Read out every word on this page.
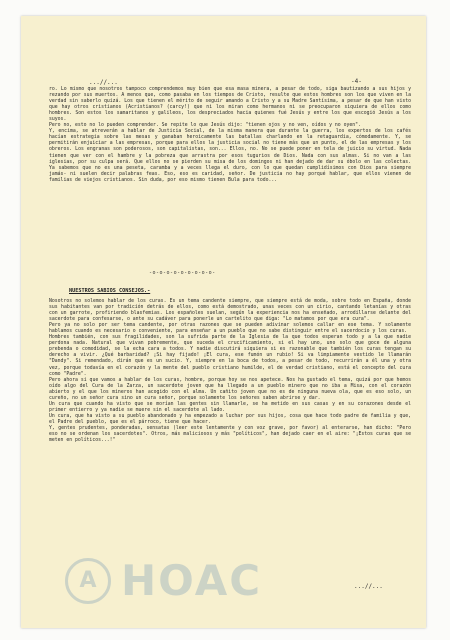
...//...	-4-
ro. Lo mismo que nosotros tampoco comprendemos muy bien que esa masa minera, a pesar de todo, siga bautizando a sus hijos y rezando por sus muertos. A menos que, como pasaba en los tiempos de Cristo, resulte que estos hombres son los que viven en la verdad sin saberlo quizá. Los que tienen el mérito de seguir amando a Cristo y a su Madre Santísima, a pesar de que han visto que hay otros cristianos (Acristianos? (carcy!) que ni los miran como hermanos ni se preocuparon siquiera de ellos como hombres. Son estos los samaritanos y galileos, los despreciados hacia quienes fué Jesús y entre los que escogió Jesús a los suyos.
Pero no, esto no lo pueden comprender. Se repite lo que Jesús dijo: "tienen ojos y no ven, oídos y no oyen".
Y, encima, se atreverán a hablar de Justicia Social, de la misma manera que durante la guerra, los expertos de los cafés hacían estrategia sobre las mesas y ganaban heroicamente las batallas charlando en la retaguardia, cómodamente. Y, se permitirán enjuiciar a las empresas, porque para ellos la justicia social no tiene más que un punto, el de las empresas y los obreros. Los engranas son poderosos, son capitalistas, son... Ellos, no. No se puede poner en tela de juicio su virtud. Nada tienen que ver con el hambre y la pobreza que arrastra por esos tugurios de Dios. Nada con sus almas. Si no van a las iglesias, por su culpa será. Que ellos no se pierden su misa de los domingos ni han dejado de dar su óbolo en las colectas. Ya sabemos que no es una peseta, caramba y a veces llega el duro, con lo que quedan cumplidísimos con Dios para siempre jamás- ni suelen decir palabras feas. Eso, eso es caridad, señor. De justicia no hay porqué hablar, que ellos vienen de familias de viejos cristianos. Sin duda, por eso mismo tienen Bula para todo...
-o-o-o-o-o-o-o-o-o-
NUESTROS SABIOS CONSEJOS.-
Nosotros no solemos hablar de los curas. Es un tema candente siempre, que siempre está de moda, sobre todo en España, donde sus habitantes van por tradición detrás de ellos, como está demostrado, unas veces con un cirio, cantando letanías y otras con un garrote, profiriendo blasfemias. Los españoles suelan, según la experiencia nos ha enseñado, arrodillarse delante del sacerdote para confesarse, o ante su cadáver para ponerle un cartelito que diga: "Lo matamos por que era cura".
Pero ya no solo por ser tema candente, por otras razones que se pueden adivinar solemos callar en ese tema. Y solamente hablamos cuando es necesario o conveniente, para enseñar a un pueblo que no sabe distinguir entre el sacerdocio y los curas.
Hombres también, con sus fragilidades, son la sufrida parte de la Iglesia de la que todos esperan todo y a la que nadie perdona nada. Natural que vivan pobremente, que suceda el crucificamiento, si el hay uno, uno solo que goce de alguna prebenda o comodidad, se la echa cara a todos. Y nadie discutirá siquiera si es razonable que también los curas tengan su derecho a vivir. ¿Qué barbaridad? ¡Si hay fijado! ¡El cura, ese fumón un rubio! Si va limpiamente vestido le llamarán "Dandy". Si remendado, dirán que es un sucio. Y, siempre en la boca de todos, a pesar de todo, recurrirán a él una y otra vez, porque todavía en el corazón y la mente del pueblo cristiano humilde, el de verdad cristiano, está el concepto del cura como "Padre".
Pero ahora si que vamos a hablar de los curas, hombre, porque hoy se nos apetece. Nos ha gustado el tema, quizá por que hemos oído algo del Cura de la Zarza, un sacerdote joven que ha llegado a un pueblo minero que no iba a Misa, con el corazón abierto y el que los mineros han acogido con el alma. Un cañito joven que no es de ninguna nueva ola, que es eso solo, un cureño, no un señor cura sino un cura señor, porque solamente los señores saben abrirse y dar.
Un cura que cuando ha visto que se morían las gentes sin llamarle, se ha metido en sus casas y en su corazones desde el primer entierro y ya nadie se muere sin el sacerdote al lado.
Un cura, que ha visto a su pueblo abandonado y ha empezado a luchar por sus hijos, cosa que hace todo padre de familia y que, el Padre del pueblo, que es el párroco, tiene que hacer.
Y, gentes prudentes, ponderadas, sensatas (leer este lentamente y con voz grave, por favor) al enterarse, han dicho: "Pero eso no se ordenan los sacerdotes". Otros, más maliciosos y más "políticos", han dejado caer en el aire: "¡Estos curas que se meten en políticos...!"
...//...
A HOAC
